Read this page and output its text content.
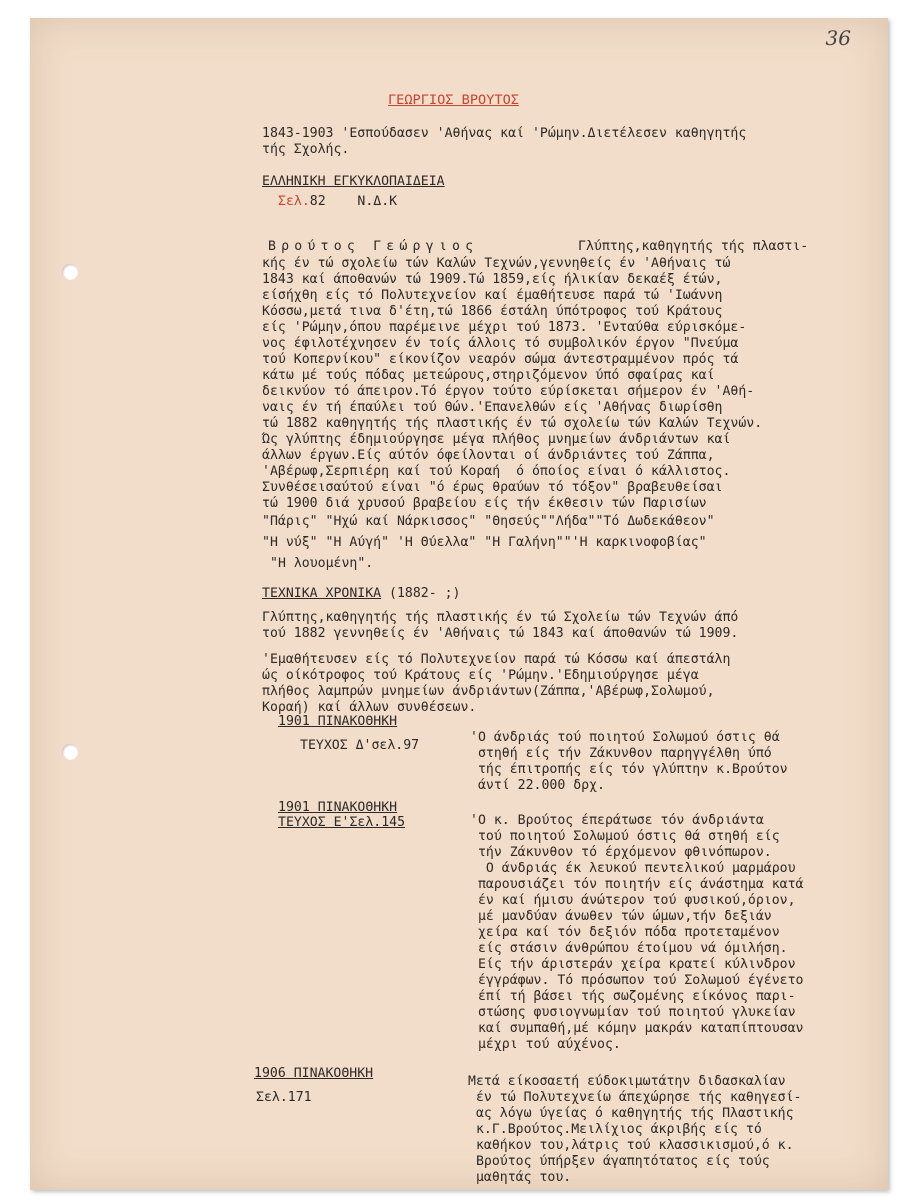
36
ΓΕΩΡΓΙΟΣ ΒΡΟΥΤΟΣ
1843-1903 'Εσπούδασεν 'Αθήνας καί 'Ρώμην.Διετέλεσεν καθηγητής
τής Σχολής.
ΕΛΛΗΝΙΚΗ ΕΓΚΥΚΛΟΠΑΙΔΕΙΑ
Σελ.82    Ν.Δ.Κ
Βρούτος Γεώργιος	Γλύπτης,καθηγητής τής πλαστι-
κής έν τώ σχολείω τών Καλών Τεχνών,γεννηθείς έν 'Αθήναις τώ
1843 καί άποθανών τώ 1909.Τώ 1859,είς ήλικίαν δεκαέξ έτών,
είσήχθη είς τό Πολυτεχνείον καί έμαθήτευσε παρά τώ 'Ιωάννη
Κόσσω,μετά τινα δ'έτη,τώ 1866 έστάλη ύπότροφος τού Κράτους
είς 'Ρώμην,όπου παρέμεινε μέχρι τού 1873. 'Ενταύθα εύρισκόμε-
νος έφιλοτέχνησεν έν τοίς άλλοις τό συμβολικόν έργον "Πνεύμα
τού Κοπερνίκου" είκονίζον νεαρόν σώμα άντεστραμμένον πρός τά
κάτω μέ τούς πόδας μετεώρους,στηριζόμενον ύπό σφαίρας καί
δεικνύον τό άπειρον.Τό έργον τούτο εύρίσκεται σήμερον έν 'Αθή-
ναις έν τή έπαύλει τού Θών.'Επανελθών είς 'Αθήνας διωρίσθη
τώ 1882 καθηγητής τής πλαστικής έν τώ σχολείω τών Καλών Τεχνών.
Ώς γλύπτης έδημιούργησε μέγα πλήθος μνημείων άνδριάντων καί
άλλων έργων.Είς αύτόν όφείλονται οί άνδριάντες τού Ζάππα,
'Αβέρωφ,Σερπιέρη καί τού Κοραή  ό όποίος είναι ό κάλλιστος.
Συνθέσεισαύτού είναι "ό έρως θραύων τό τόξον" βραβευθείσαι
τώ 1900 διά χρυσού βραβείου είς τήν έκθεσιν τών Παρισίων
"Πάρις" "Ηχώ καί Νάρκισσος" "Θησεύς""Λήδα""Τό Δωδεκάθεον"
"Η νύξ" "Η Αύγή" 'Η Θύελλα" "Η Γαλήνη""'Η καρκινοφοβίας"
"Η λουομένη".
ΤΕΧΝΙΚΑ ΧΡΟΝΙΚΑ (1882- ;)
Γλύπτης,καθηγητής τής πλαστικής έν τώ Σχολείω τών Τεχνών άπό
τού 1882 γεννηθείς έν 'Αθήναις τώ 1843 καί άποθανών τώ 1909.
'Εμαθήτευσεν είς τό Πολυτεχνείον παρά τώ Κόσσω καί άπεστάλη
ώς οίκότροφος τού Κράτους είς 'Ρώμην.'Εδημιούργησε μέγα
πλήθος λαμπρών μνημείων άνδριάντων(Ζάππα,'Αβέρωφ,Σολωμού,
Κοραή) καί άλλων συνθέσεων.
1901 ΠΙΝΑΚΟΘΗΚΗ
ΤΕΥΧΟΣ Δ'σελ.97
'Ο άνδριάς τού ποιητού Σολωμού όστις θά
στηθή είς τήν Ζάκυνθον παρηγγέλθη ύπό
τής έπιτροπής είς τόν γλύπτην κ.Βρούτον
άντί 22.000 δρχ.
1901 ΠΙΝΑΚΟΘΗΚΗ
ΤΕΥΧΟΣ Ε'Σελ.145	'Ο κ. Βρούτος έπεράτωσε τόν άνδριάντα
τού ποιητού Σολωμού όστις θά στηθή είς
τήν Ζάκυνθον τό έρχόμενον φθινόπωρον.
Ο άνδριάς έκ λευκού πεντελικού μαρμάρου
παρουσιάζει τόν ποιητήν είς άνάστημα κατά
έν καί ήμισυ άνώτερον τού φυσικού,όριον,
μέ μανδύαν άνωθεν τών ώμων,τήν δεξιάν
χείρα καί τόν δεξιόν πόδα προτεταμένον
είς στάσιν άνθρώπου έτοίμου νά όμιλήση.
Είς τήν άριστεράν χείρα κρατεί κύλινδρον
έγγράφων. Τό πρόσωπον τού Σολωμού έγένετο
έπί τή βάσει τής σωζομένης είκόνος παρι-
στώσης φυσιογνωμίαν τού ποιητού γλυκείαν
καί συμπαθή,μέ κόμην μακράν καταπίπτουσαν
μέχρι τού αύχένος.
1906 ΠΙΝΑΚΟΘΗΚΗ
Σελ.171
Μετά είκοσαετή εύδοκιμωτάτην διδασκαλίαν
έν τώ Πολυτεχνείω άπεχώρησε τής καθηγεσί-
ας λόγω ύγείας ό καθηγητής τής Πλαστικής
κ.Γ.Βρούτος.Μειλίχιος άκριβής είς τό
καθήκον του,λάτρις τού κλασσικισμού,ό κ.
Βρούτος ύπήρξεν άγαπητότατος είς τούς
μαθητάς του.
